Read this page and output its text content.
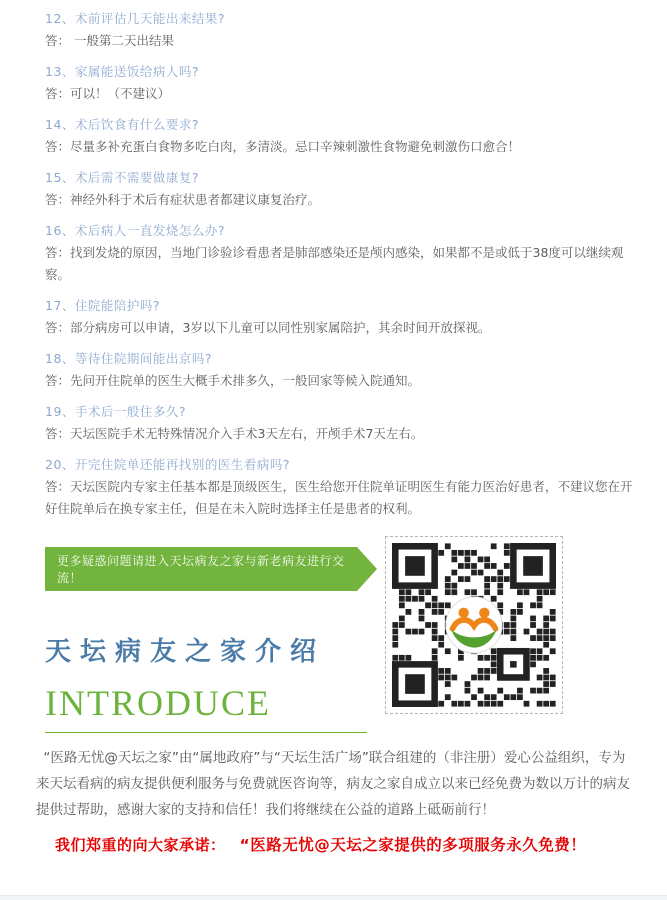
12、术前评估几天能出来结果?
答： 一般第二天出结果
13、家属能送饭给病人吗?
答：可以！（不建议）
14、术后饮食有什么要求?
答：尽量多补充蛋白食物多吃白肉，多清淡。忌口辛辣刺激性食物避免刺激伤口愈合！
15、术后需不需要做康复?
答：神经外科于术后有症状患者都建议康复治疗。
16、术后病人一直发烧怎么办?
答：找到发烧的原因，当地门诊验诊看患者是肺部感染还是颅内感染，如果都不是或低于38度可以继续观察。
17、住院能陪护吗?
答：部分病房可以申请，3岁以下儿童可以同性别家属陪护，其余时间开放探视。
18、等待住院期间能出京吗?
答：先问开住院单的医生大概手术排多久，一般回家等候入院通知。
19、手术后一般住多久?
答：天坛医院手术无特殊情况介入手术3天左右，开颅手术7天左右。
20、开完住院单还能再找别的医生看病吗?
答：天坛医院内专家主任基本都是顶级医生，医生给您开住院单证明医生有能力医治好患者，不建议您在开好住院单后在换专家主任，但是在未入院时选择主任是患者的权利。
更多疑惑问题请进入天坛病友之家与新老病友进行交流！
天坛病友之家介绍
INTRODUCE
“医路无忧@天坛之家”由“属地政府”与“天坛生活广场”联合组建的（非注册）爱心公益组织，专为来天坛看病的病友提供便利服务与免费就医咨询等，病友之家自成立以来已经免费为数以万计的病友提供过帮助，感谢大家的支持和信任！我们将继续在公益的道路上砥砺前行！
我们郑重的向大家承诺： “医路无忧@天坛之家提供的多项服务永久免费！
